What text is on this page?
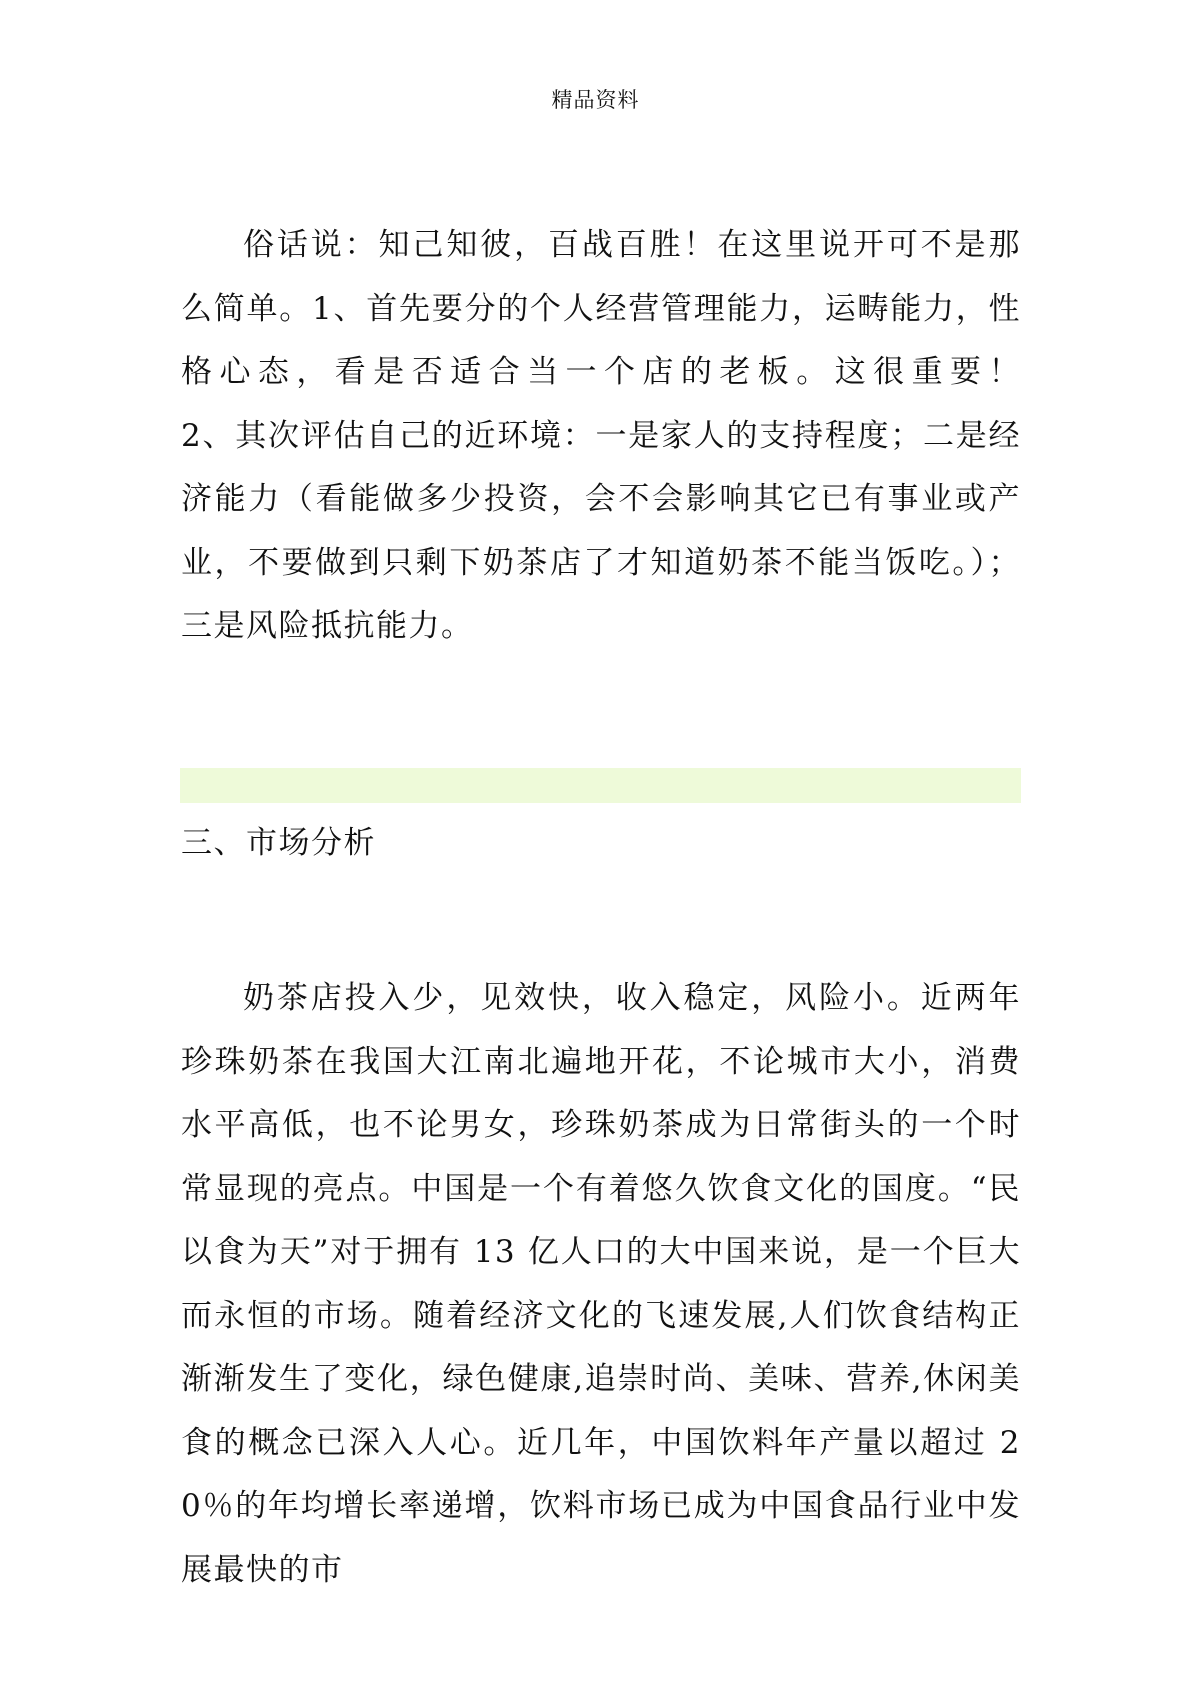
精品资料
俗话说：知己知彼，百战百胜！在这里说开可不是那么简单。1、首先要分的个人经营管理能力，运畴能力，性格心态，看是否适合当一个店的老板。这很重要！　　 2、其次评估自己的近环境：一是家人的支持程度；二是经济能力（看能做多少投资，会不会影响其它已有事业或产业，不要做到只剩下奶茶店了才知道奶茶不能当饭吃。）；三是风险抵抗能力。
三、市场分析
奶茶店投入少，见效快，收入稳定，风险小。近两年珍珠奶茶在我国大江南北遍地开花，不论城市大小，消费水平高低，也不论男女，珍珠奶茶成为日常街头的一个时常显现的亮点。中国是一个有着悠久饮食文化的国度。“民以食为天”对于拥有 13 亿人口的大中国来说，是一个巨大而永恒的市场。随着经济文化的飞速发展,人们饮食结构正渐渐发生了变化，绿色健康,追崇时尚、美味、营养,休闲美食的概念已深入人心。近几年，中国饮料年产量以超过 20％的年均增长率递增，饮料市场已成为中国食品行业中发展最快的市
